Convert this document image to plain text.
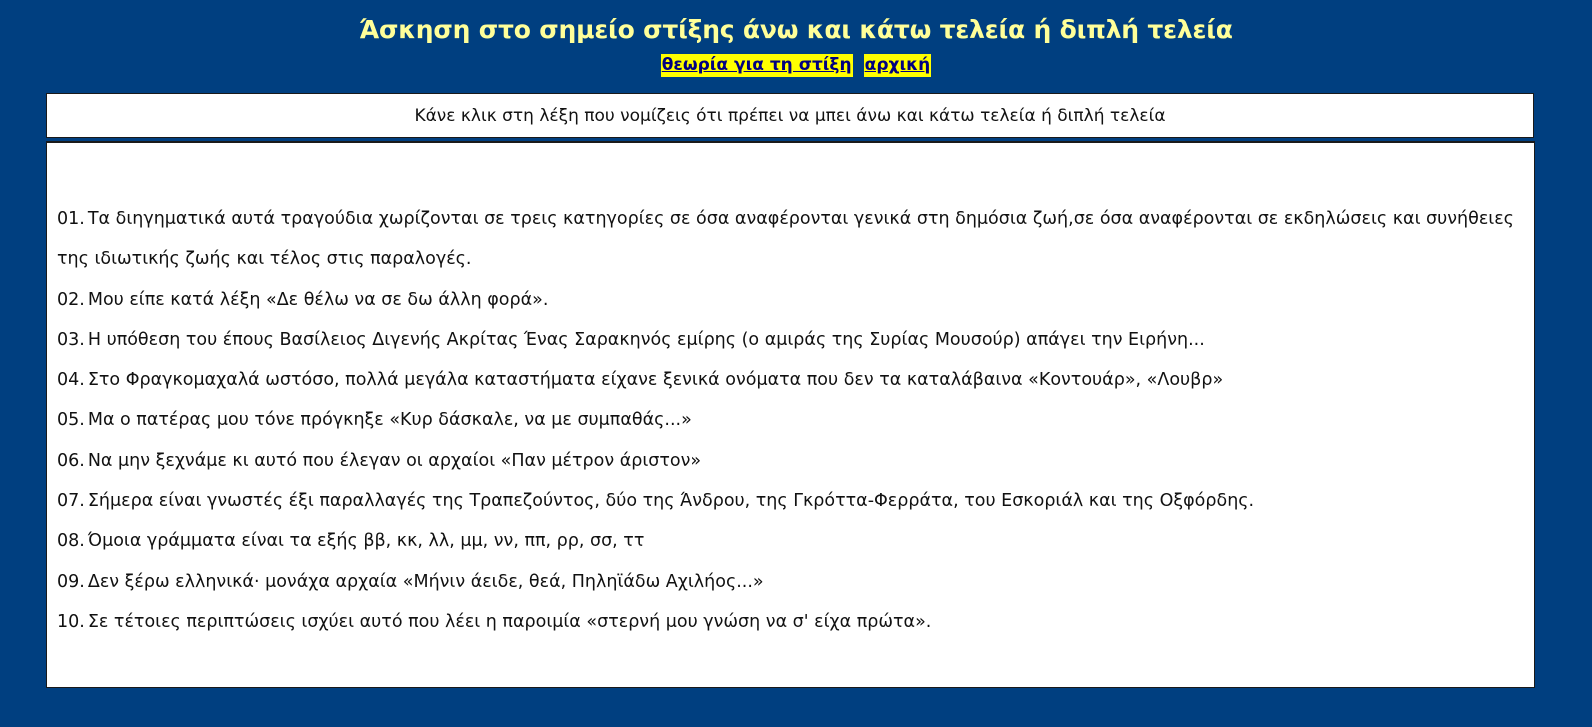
Άσκηση στο σημείο στίξης άνω και κάτω τελεία ή διπλή τελεία
θεωρία για τη στίξη αρχική
Κάνε κλικ στη λέξη που νομίζεις ότι πρέπει να μπει άνω και κάτω τελεία ή διπλή τελεία

01. Τα διηγηματικά αυτά τραγούδια χωρίζονται σε τρεις κατηγορίες σε όσα αναφέρονται γενικά στη δημόσια ζωή,σε όσα αναφέρονται σε εκδηλώσεις και συνήθειες της ιδιωτικής ζωής και τέλος στις παραλογές.

02. Μου είπε κατά λέξη «Δε θέλω να σε δω άλλη φορά».

03. Η υπόθεση του έπους Βασίλειος Διγενής Ακρίτας Ένας Σαρακηνός εμίρης (ο αμιράς της Συρίας Μουσούρ) απάγει την Ειρήνη...

04. Στο Φραγκομαχαλά ωστόσο, πολλά μεγάλα καταστήματα είχανε ξενικά ονόματα που δεν τα καταλάβαινα «Κοντουάρ», «Λουβρ»

05. Μα ο πατέρας μου τόνε πρόγκηξε «Κυρ δάσκαλε, να με συμπαθάς...»

06. Να μην ξεχνάμε κι αυτό που έλεγαν οι αρχαίοι «Παν μέτρον άριστον»

07. Σήμερα είναι γνωστές έξι παραλλαγές της Τραπεζούντος, δύο της Άνδρου, της Γκρόττα-Φερράτα, του Εσκοριάλ και της Οξφόρδης.

08. Όμοια γράμματα είναι τα εξής ββ, κκ, λλ, μμ, νν, ππ, ρρ, σσ, ττ

09. Δεν ξέρω ελληνικά· μονάχα αρχαία «Μήνιν άειδε, θεά, Πηληϊάδω Αχιλήος...»

10. Σε τέτοιες περιπτώσεις ισχύει αυτό που λέει η παροιμία «στερνή μου γνώση να σ' είχα πρώτα».
